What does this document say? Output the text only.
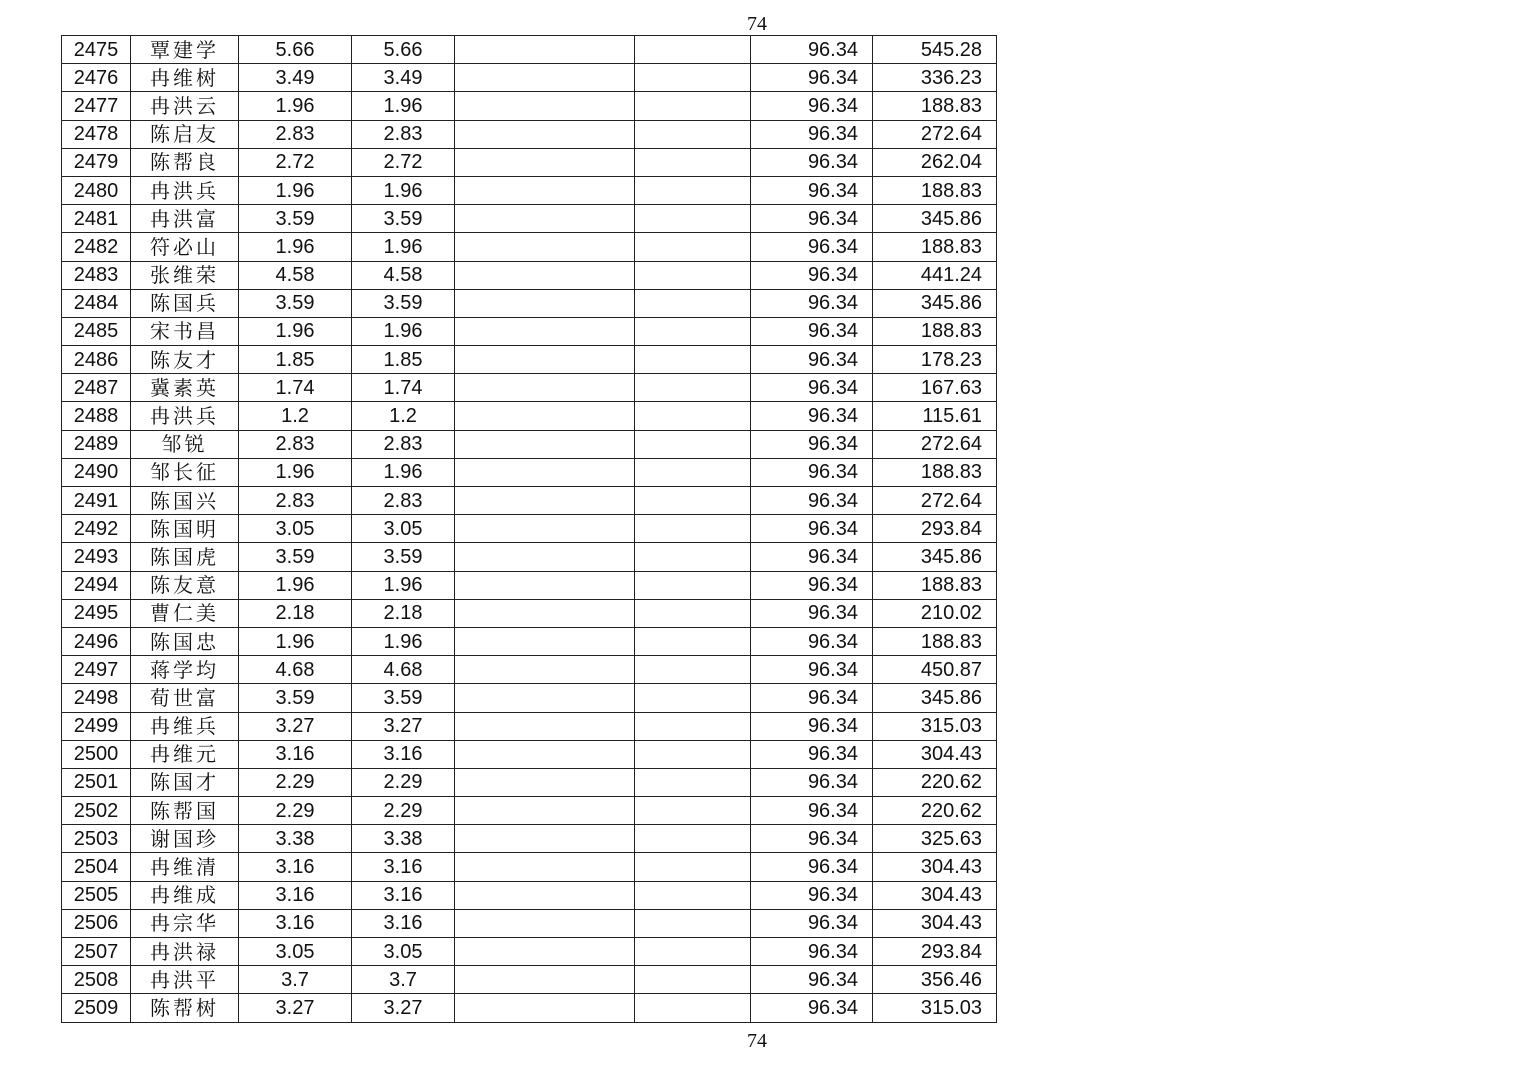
74
2475	覃建学	5.66	5.66			96.34	545.28
2476	冉维树	3.49	3.49			96.34	336.23
2477	冉洪云	1.96	1.96			96.34	188.83
2478	陈启友	2.83	2.83			96.34	272.64
2479	陈帮良	2.72	2.72			96.34	262.04
2480	冉洪兵	1.96	1.96			96.34	188.83
2481	冉洪富	3.59	3.59			96.34	345.86
2482	符必山	1.96	1.96			96.34	188.83
2483	张维荣	4.58	4.58			96.34	441.24
2484	陈国兵	3.59	3.59			96.34	345.86
2485	宋书昌	1.96	1.96			96.34	188.83
2486	陈友才	1.85	1.85			96.34	178.23
2487	冀素英	1.74	1.74			96.34	167.63
2488	冉洪兵	1.2	1.2			96.34	115.61
2489	邹锐	2.83	2.83			96.34	272.64
2490	邹长征	1.96	1.96			96.34	188.83
2491	陈国兴	2.83	2.83			96.34	272.64
2492	陈国明	3.05	3.05			96.34	293.84
2493	陈国虎	3.59	3.59			96.34	345.86
2494	陈友意	1.96	1.96			96.34	188.83
2495	曹仁美	2.18	2.18			96.34	210.02
2496	陈国忠	1.96	1.96			96.34	188.83
2497	蒋学均	4.68	4.68			96.34	450.87
2498	荀世富	3.59	3.59			96.34	345.86
2499	冉维兵	3.27	3.27			96.34	315.03
2500	冉维元	3.16	3.16			96.34	304.43
2501	陈国才	2.29	2.29			96.34	220.62
2502	陈帮国	2.29	2.29			96.34	220.62
2503	谢国珍	3.38	3.38			96.34	325.63
2504	冉维清	3.16	3.16			96.34	304.43
2505	冉维成	3.16	3.16			96.34	304.43
2506	冉宗华	3.16	3.16			96.34	304.43
2507	冉洪禄	3.05	3.05			96.34	293.84
2508	冉洪平	3.7	3.7			96.34	356.46
2509	陈帮树	3.27	3.27			96.34	315.03
74
